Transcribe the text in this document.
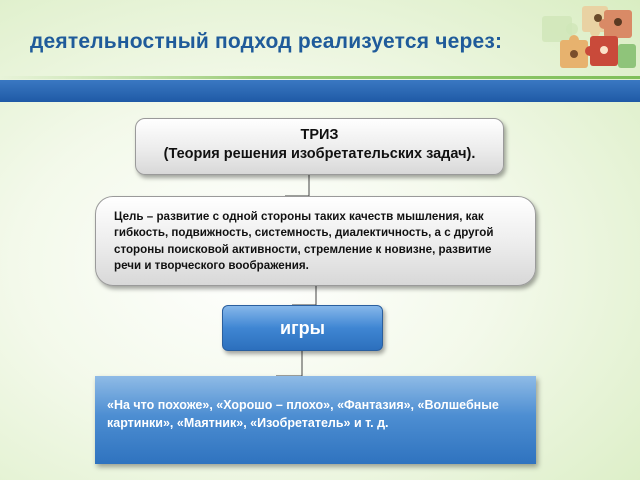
деятельностный подход реализуется через:
ТРИЗ
(Теория решения изобретательских задач).
Цель – развитие с одной стороны таких качеств мышления, как гибкость, подвижность, системность, диалектичность, а с другой стороны поисковой активности, стремление к новизне, развитие речи и творческого воображения.
игры
«На что похоже», «Хорошо – плохо», «Фантазия», «Волшебные картинки», «Маятник», «Изобретатель» и т. д.
